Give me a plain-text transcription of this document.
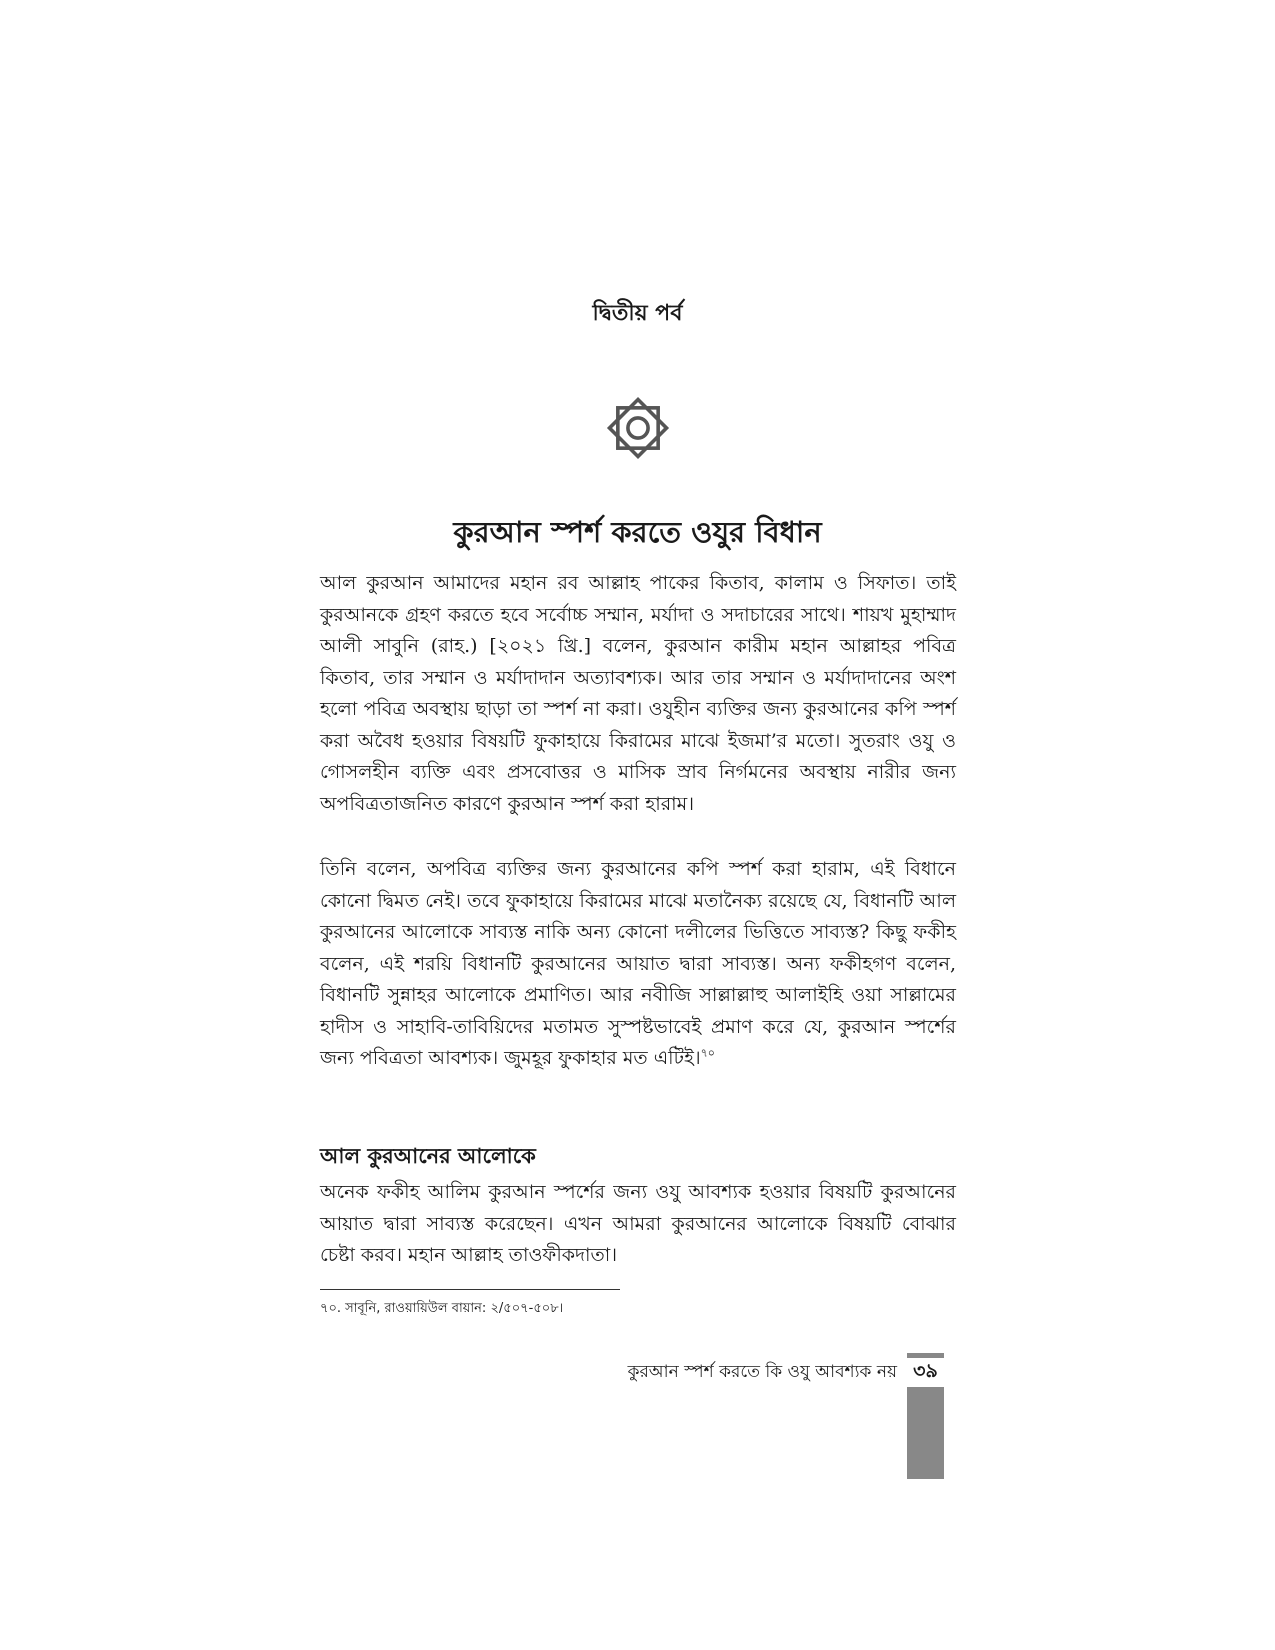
দ্বিতীয় পর্ব
কুরআন স্পর্শ করতে ওযুর বিধান

আল কুরআন আমাদের মহান রব আল্লাহ পাকের কিতাব, কালাম ও সিফাত। তাই কুরআনকে গ্রহণ করতে হবে সর্বোচ্চ সম্মান, মর্যাদা ও সদাচারের সাথে। শায়খ মুহাম্মাদ আলী সাবুনি (রাহ.) [২০২১ খ্রি.] বলেন, কুরআন কারীম মহান আল্লাহর পবিত্র কিতাব, তার সম্মান ও মর্যাদাদান অত্যাবশ্যক। আর তার সম্মান ও মর্যাদাদানের অংশ হলো পবিত্র অবস্থায় ছাড়া তা স্পর্শ না করা। ওযুহীন ব্যক্তির জন্য কুরআনের কপি স্পর্শ করা অবৈধ হওয়ার বিষয়টি ফুকাহায়ে কিরামের মাঝে ইজমা’র মতো। সুতরাং ওযু ও গোসলহীন ব্যক্তি এবং প্রসবোত্তর ও মাসিক স্রাব নির্গমনের অবস্থায় নারীর জন্য অপবিত্রতাজনিত কারণে কুরআন স্পর্শ করা হারাম।

তিনি বলেন, অপবিত্র ব্যক্তির জন্য কুরআনের কপি স্পর্শ করা হারাম, এই বিধানে কোনো দ্বিমত নেই। তবে ফুকাহায়ে কিরামের মাঝে মতানৈক্য রয়েছে যে, বিধানটি আল কুরআনের আলোকে সাব্যস্ত নাকি অন্য কোনো দলীলের ভিত্তিতে সাব্যস্ত? কিছু ফকীহ বলেন, এই শরয়ি বিধানটি কুরআনের আয়াত দ্বারা সাব্যস্ত। অন্য ফকীহগণ বলেন, বিধানটি সুন্নাহর আলোকে প্রমাণিত। আর নবীজি সাল্লাল্লাহু আলাইহি ওয়া সাল্লামের হাদীস ও সাহাবি-তাবিয়িদের মতামত সুস্পষ্টভাবেই প্রমাণ করে যে, কুরআন স্পর্শের জন্য পবিত্রতা আবশ্যক। জুমহূর ফুকাহার মত এটিই।$^{৭০}$

আল কুরআনের আলোকে

অনেক ফকীহ আলিম কুরআন স্পর্শের জন্য ওযু আবশ্যক হওয়ার বিষয়টি কুরআনের আয়াত দ্বারা সাব্যস্ত করেছেন। এখন আমরা কুরআনের আলোকে বিষয়টি বোঝার চেষ্টা করব। মহান আল্লাহ তাওফীকদাতা।

৭০. সাবূনি, রাওয়ায়িউল বায়ান: ২/৫০৭-৫০৮।

কুরআন স্পর্শ করতে কি ওযু আবশ্যক নয় ৩৯
